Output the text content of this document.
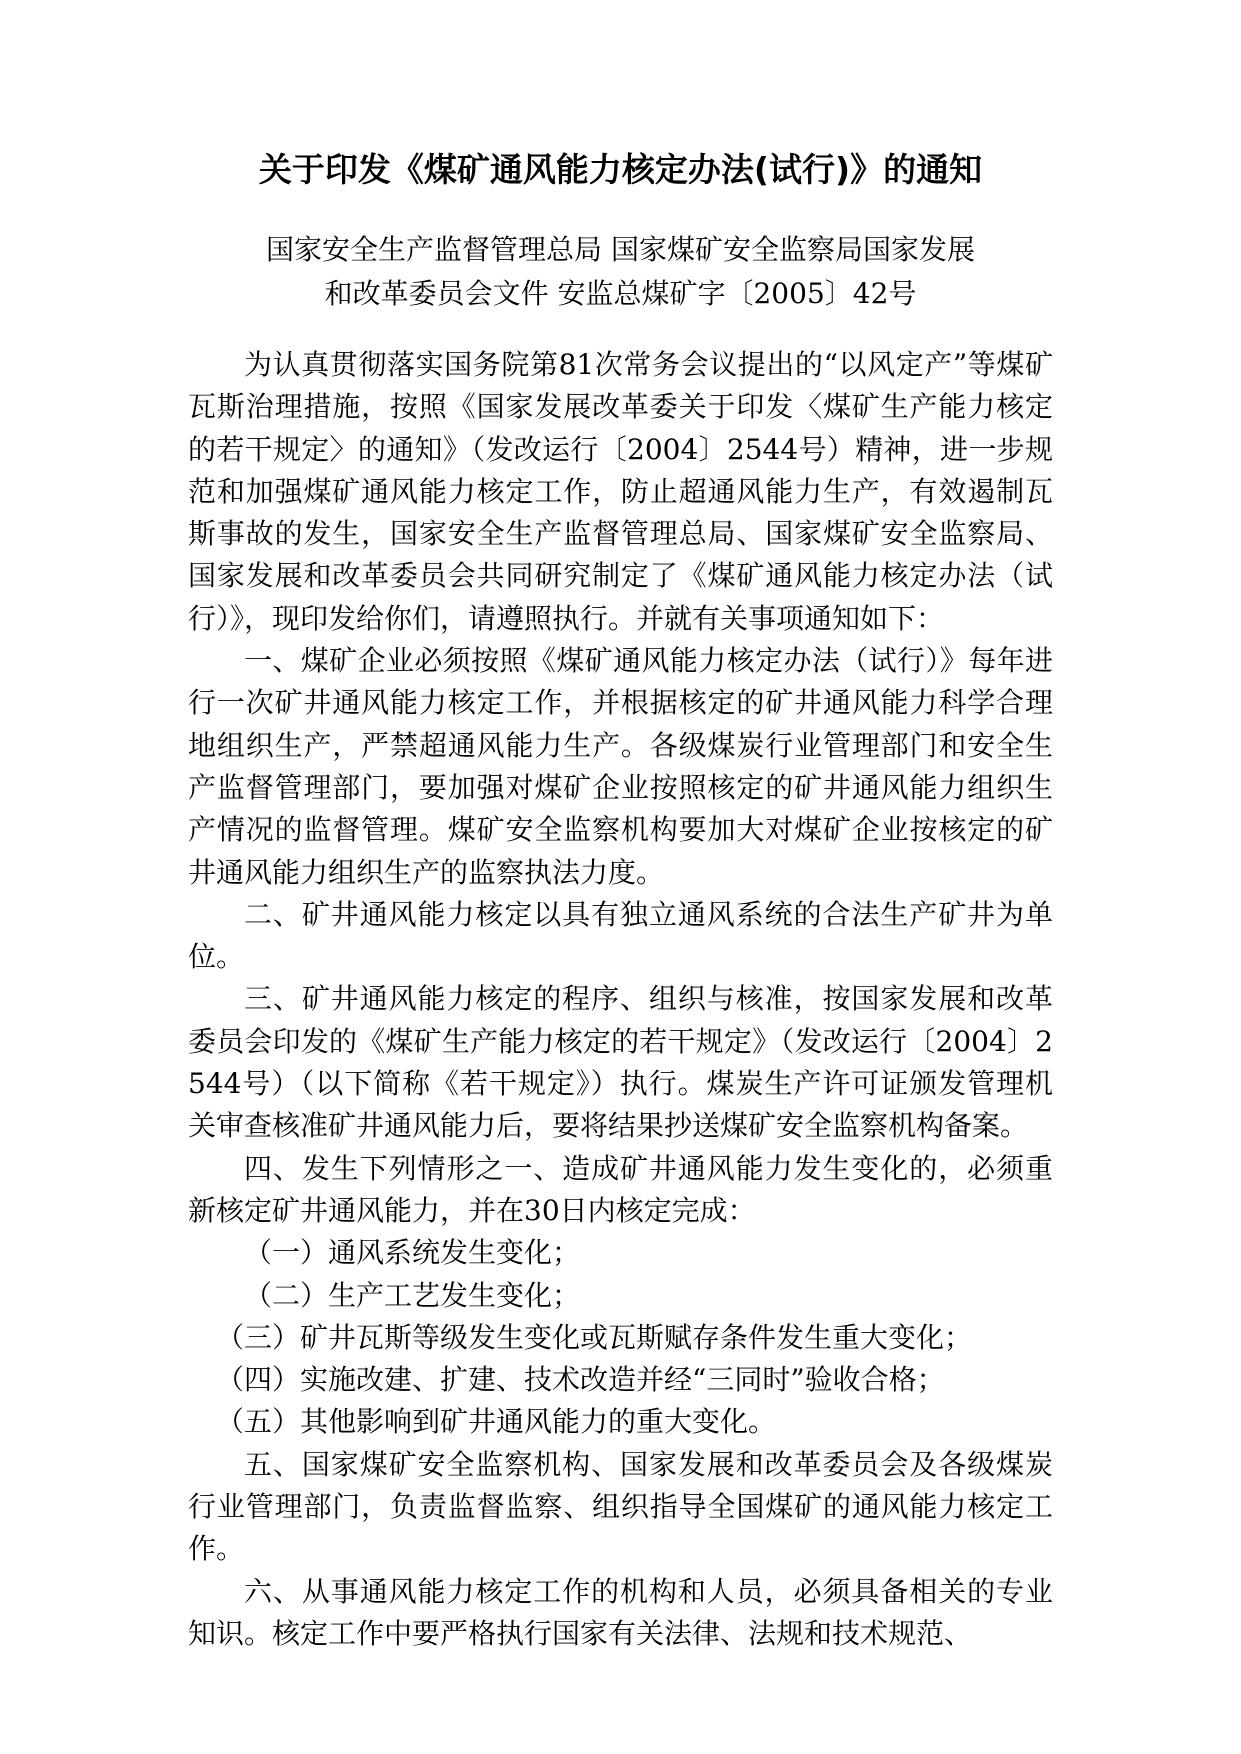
关于印发《煤矿通风能力核定办法(试行)》的通知
国家安全生产监督管理总局 国家煤矿安全监察局国家发展
和改革委员会文件 安监总煤矿字〔2005〕42号

为认真贯彻落实国务院第81次常务会议提出的“以风定产”等煤矿瓦斯治理措施，按照《国家发展改革委关于印发〈煤矿生产能力核定的若干规定〉的通知》（发改运行〔2004〕2544号）精神，进一步规范和加强煤矿通风能力核定工作，防止超通风能力生产，有效遏制瓦斯事故的发生，国家安全生产监督管理总局、国家煤矿安全监察局、国家发展和改革委员会共同研究制定了《煤矿通风能力核定办法（试行）》，现印发给你们，请遵照执行。并就有关事项通知如下：

一、煤矿企业必须按照《煤矿通风能力核定办法（试行）》每年进行一次矿井通风能力核定工作，并根据核定的矿井通风能力科学合理地组织生产，严禁超通风能力生产。各级煤炭行业管理部门和安全生产监督管理部门，要加强对煤矿企业按照核定的矿井通风能力组织生产情况的监督管理。煤矿安全监察机构要加大对煤矿企业按核定的矿井通风能力组织生产的监察执法力度。

二、矿井通风能力核定以具有独立通风系统的合法生产矿井为单位。

三、矿井通风能力核定的程序、组织与核准，按国家发展和改革委员会印发的《煤矿生产能力核定的若干规定》（发改运行〔2004〕2544号）（以下简称《若干规定》）执行。煤炭生产许可证颁发管理机关审查核准矿井通风能力后，要将结果抄送煤矿安全监察机构备案。

四、发生下列情形之一、造成矿井通风能力发生变化的，必须重新核定矿井通风能力，并在30日内核定完成：

（一）通风系统发生变化；

（二）生产工艺发生变化；

（三）矿井瓦斯等级发生变化或瓦斯赋存条件发生重大变化；

（四）实施改建、扩建、技术改造并经“三同时”验收合格；

（五）其他影响到矿井通风能力的重大变化。

五、国家煤矿安全监察机构、国家发展和改革委员会及各级煤炭行业管理部门，负责监督监察、组织指导全国煤矿的通风能力核定工作。

六、从事通风能力核定工作的机构和人员，必须具备相关的专业知识。核定工作中要严格执行国家有关法律、法规和技术规范、
